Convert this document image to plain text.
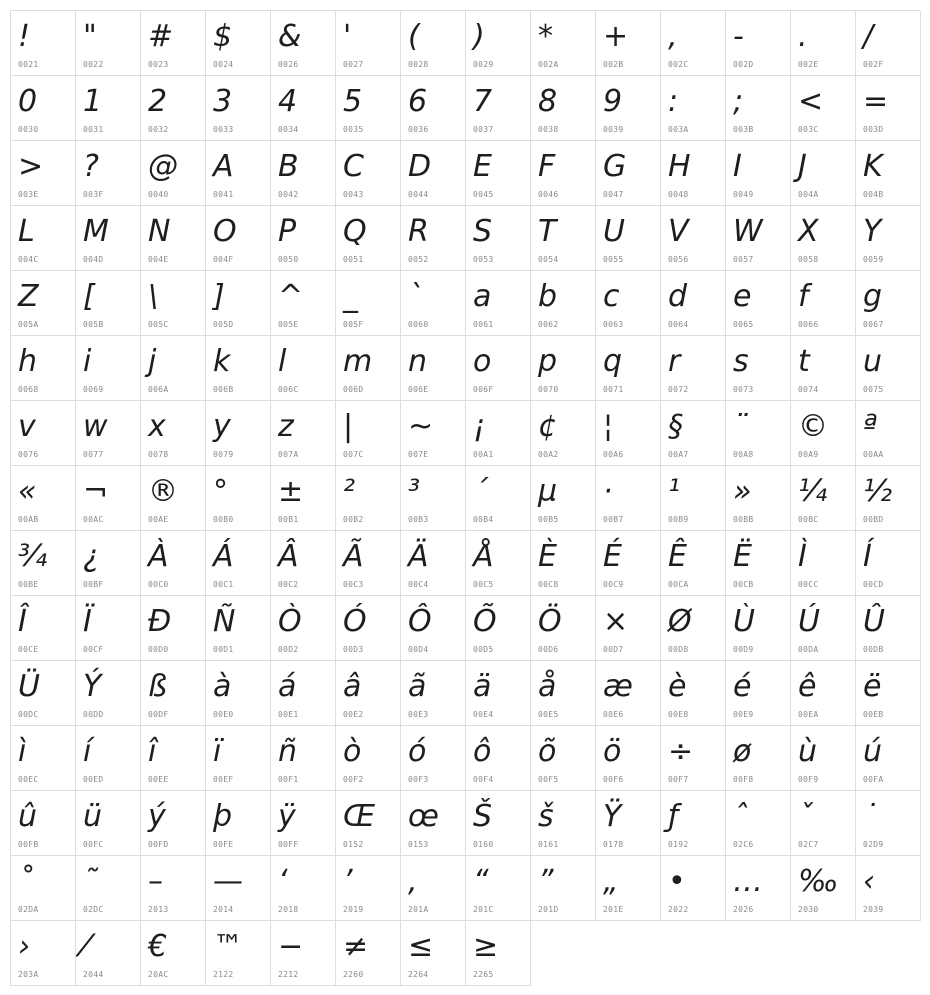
!
0021
"
0022
#
0023
$
0024
&
0026
'
0027
(
0028
)
0029
*
002A
+
002B
,
002C
-
002D
.
002E
/
002F
0
0030
1
0031
2
0032
3
0033
4
0034
5
0035
6
0036
7
0037
8
0038
9
0039
:
003A
;
003B
<
003C
=
003D
>
003E
?
003F
@
0040
A
0041
B
0042
C
0043
D
0044
E
0045
F
0046
G
0047
H
0048
I
0049
J
004A
K
004B
L
004C
M
004D
N
004E
O
004F
P
0050
Q
0051
R
0052
S
0053
T
0054
U
0055
V
0056
W
0057
X
0058
Y
0059
Z
005A
[
005B
\
005C
]
005D
^
005E
_
005F
`
0060
a
0061
b
0062
c
0063
d
0064
e
0065
f
0066
g
0067
h
0068
i
0069
j
006A
k
006B
l
006C
m
006D
n
006E
o
006F
p
0070
q
0071
r
0072
s
0073
t
0074
u
0075
v
0076
w
0077
x
0078
y
0079
z
007A
|
007C
~
007E
¡
00A1
¢
00A2
¦
00A6
§
00A7
¨
00A8
©
00A9
ª
00AA
«
00AB
¬
00AC
®
00AE
°
00B0
±
00B1
²
00B2
³
00B3
´
00B4
µ
00B5
·
00B7
¹
00B9
»
00BB
¼
00BC
½
00BD
¾
00BE
¿
00BF
À
00C0
Á
00C1
Â
00C2
Ã
00C3
Ä
00C4
Å
00C5
È
00C8
É
00C9
Ê
00CA
Ë
00CB
Ì
00CC
Í
00CD
Î
00CE
Ï
00CF
Ð
00D0
Ñ
00D1
Ò
00D2
Ó
00D3
Ô
00D4
Õ
00D5
Ö
00D6
×
00D7
Ø
00D8
Ù
00D9
Ú
00DA
Û
00DB
Ü
00DC
Ý
00DD
ß
00DF
à
00E0
á
00E1
â
00E2
ã
00E3
ä
00E4
å
00E5
æ
00E6
è
00E8
é
00E9
ê
00EA
ë
00EB
ì
00EC
í
00ED
î
00EE
ï
00EF
ñ
00F1
ò
00F2
ó
00F3
ô
00F4
õ
00F5
ö
00F6
÷
00F7
ø
00F8
ù
00F9
ú
00FA
û
00FB
ü
00FC
ý
00FD
þ
00FE
ÿ
00FF
Œ
0152
œ
0153
Š
0160
š
0161
Ÿ
0178
ƒ
0192
ˆ
02C6
ˇ
02C7
˙
02D9
˚
02DA
˜
02DC
–
2013
—
2014
‘
2018
’
2019
‚
201A
“
201C
”
201D
„
201E
•
2022
…
2026
‰
2030
‹
2039
›
203A
⁄
2044
€
20AC
™
2122
−
2212
≠
2260
≤
2264
≥
2265
